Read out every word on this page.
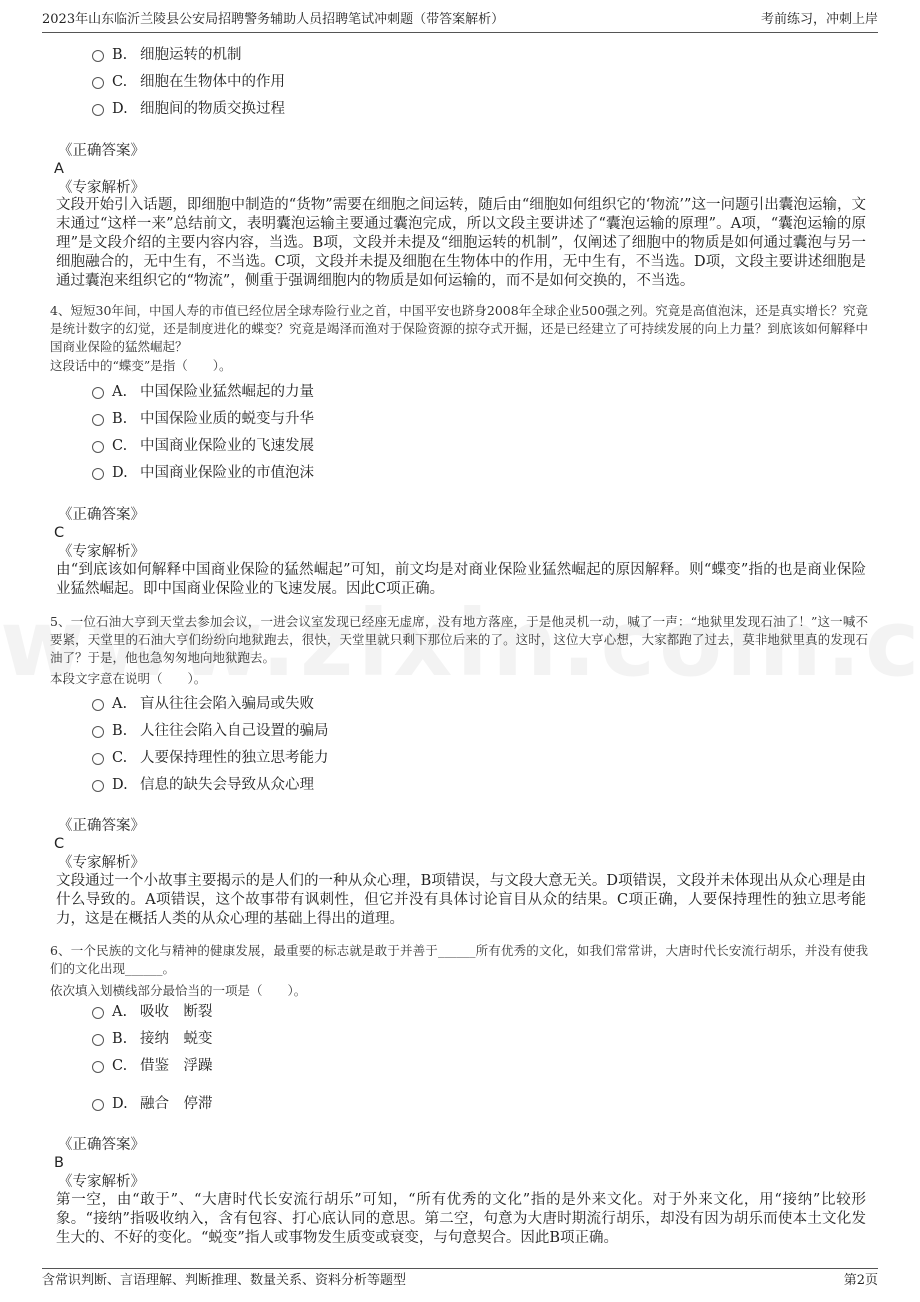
2023年山东临沂兰陵县公安局招聘警务辅助人员招聘笔试冲刺题（带答案解析）	考前练习，冲刺上岸
B. 细胞运转的机制
C. 细胞在生物体中的作用
D. 细胞间的物质交换过程
《正确答案》
A
《专家解析》
文段开始引入话题，即细胞中制造的“货物”需要在细胞之间运转，随后由“细胞如何组织它的‘物流’”这一问题引出囊泡运输，文末通过“这样一来”总结前文，表明囊泡运输主要通过囊泡完成，所以文段主要讲述了“囊泡运输的原理”。A项，“囊泡运输的原理”是文段介绍的主要内容内容，当选。B项，文段并未提及“细胞运转的机制”，仅阐述了细胞中的物质是如何通过囊泡与另一细胞融合的，无中生有，不当选。C项，文段并未提及细胞在生物体中的作用，无中生有，不当选。D项，文段主要讲述细胞是通过囊泡来组织它的“物流”，侧重于强调细胞内的物质是如何运输的，而不是如何交换的，不当选。
4、短短30年间，中国人寿的市值已经位居全球寿险行业之首，中国平安也跻身2008年全球企业500强之列。究竟是高值泡沫，还是真实增长？究竟是统计数字的幻觉，还是制度进化的蝶变？究竟是竭泽而渔对于保险资源的掠夺式开掘，还是已经建立了可持续发展的向上力量？到底该如何解释中国商业保险的猛然崛起？
这段话中的“蝶变”是指（　　）。
A. 中国保险业猛然崛起的力量
B. 中国保险业质的蜕变与升华
C. 中国商业保险业的飞速发展
D. 中国商业保险业的市值泡沫
《正确答案》
C
《专家解析》
由“到底该如何解释中国商业保险的猛然崛起”可知，前文均是对商业保险业猛然崛起的原因解释。则“蝶变”指的也是商业保险业猛然崛起。即中国商业保险业的飞速发展。因此C项正确。
5、一位石油大亨到天堂去参加会议，一进会议室发现已经座无虚席，没有地方落座，于是他灵机一动，喊了一声：“地狱里发现石油了！”这一喊不要紧，天堂里的石油大亨们纷纷向地狱跑去，很快，天堂里就只剩下那位后来的了。这时，这位大亨心想，大家都跑了过去，莫非地狱里真的发现石油了？于是，他也急匆匆地向地狱跑去。
本段文字意在说明（　　）。
A. 盲从往往会陷入骗局或失败
B. 人往往会陷入自己设置的骗局
C. 人要保持理性的独立思考能力
D. 信息的缺失会导致从众心理
《正确答案》
C
《专家解析》
文段通过一个小故事主要揭示的是人们的一种从众心理，B项错误，与文段大意无关。D项错误，文段并未体现出从众心理是由什么导致的。A项错误，这个故事带有讽刺性，但它并没有具体讨论盲目从众的结果。C项正确，人要保持理性的独立思考能力，这是在概括人类的从众心理的基础上得出的道理。
6、一个民族的文化与精神的健康发展，最重要的标志就是敢于并善于______所有优秀的文化，如我们常常讲，大唐时代长安流行胡乐，并没有使我们的文化出现______。
依次填入划横线部分最恰当的一项是（　　）。
A. 吸收　断裂
B. 接纳　蜕变
C. 借鉴　浮躁
D. 融合　停滞
《正确答案》
B
《专家解析》
第一空，由“敢于”、“大唐时代长安流行胡乐”可知，“所有优秀的文化”指的是外来文化。对于外来文化，用“接纳”比较形象。“接纳”指吸收纳入，含有包容、打心底认同的意思。第二空，句意为大唐时期流行胡乐，却没有因为胡乐而使本土文化发生大的、不好的变化。“蜕变”指人或事物发生质变或衰变，与句意契合。因此B项正确。
含常识判断、言语理解、判断推理、数量关系、资料分析等题型	第2页
